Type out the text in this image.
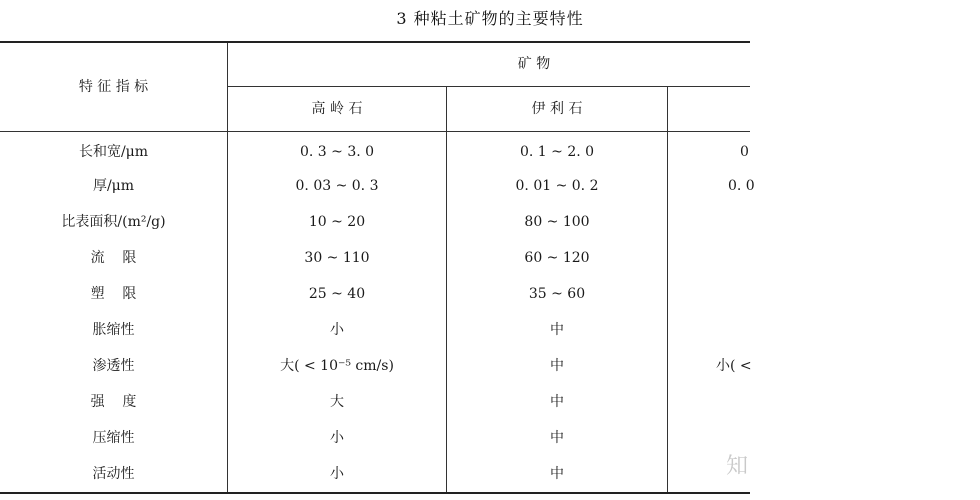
3 种粘土矿物的主要特性
特 征 指 标
矿 物
高 岭 石	伊 利 石
长和宽/μm	0. 3 ~ 3. 0	0. 1 ~ 2. 0	0
厚/μm	0. 03 ~ 0. 3	0. 01 ~ 0. 2	0. 0
比表面积/(m²/g)	10 ~ 20	80 ~ 100
流    限	30 ~ 110	60 ~ 120
塑    限	25 ~ 40	35 ~ 60
胀缩性	小	中
渗透性	大( < 10⁻⁵ cm/s)	中	小( <
强    度	大	中
压缩性	小	中
活动性	小	中	知
